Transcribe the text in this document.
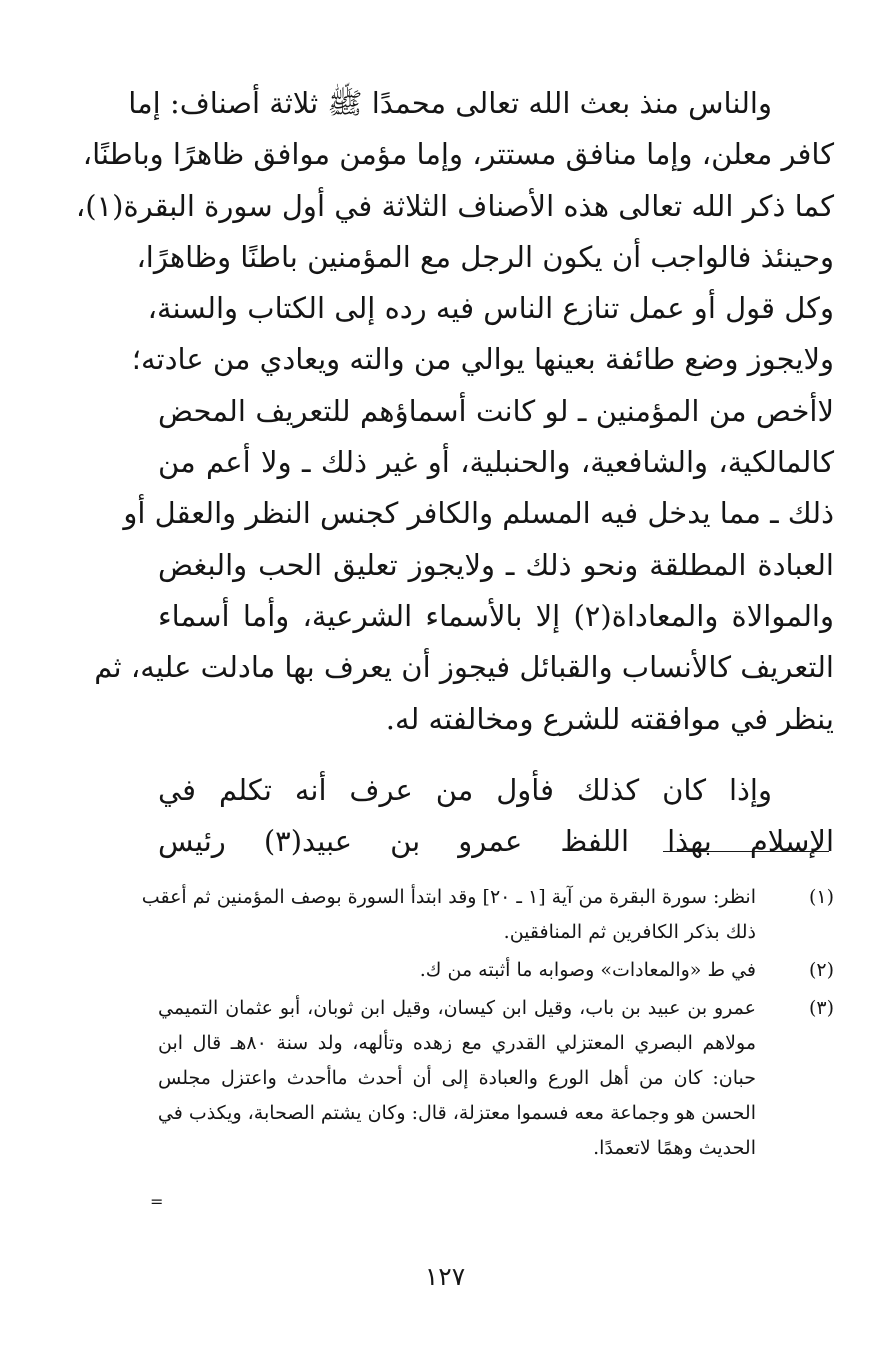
والناس منذ بعث الله تعالى محمدًا ﷺ ثلاثة أصناف: إما
كافر معلن، وإما منافق مستتر، وإما مؤمن موافق ظاهرًا وباطنًا،
كما ذكر الله تعالى هذه الأصناف الثلاثة في أول سورة البقرة(١)،
وحينئذ فالواجب أن يكون الرجل مع المؤمنين باطنًا وظاهرًا،
وكل قول أو عمل تنازع الناس فيه رده إلى الكتاب والسنة،
ولايجوز وضع طائفة بعينها يوالي من والته ويعادي من عادته؛
لاأخص من المؤمنين ـ لو كانت أسماؤهم للتعريف المحض
كالمالكية، والشافعية، والحنبلية، أو غير ذلك ـ ولا أعم من
ذلك ـ مما يدخل فيه المسلم والكافر كجنس النظر والعقل أو
العبادة المطلقة ونحو ذلك ـ ولايجوز تعليق الحب والبغض
والموالاة والمعاداة(٢) إلا بالأسماء الشرعية، وأما أسماء
التعريف كالأنساب والقبائل فيجوز أن يعرف بها مادلت عليه، ثم
ينظر في موافقته للشرع ومخالفته له.
وإذا كان كذلك فأول من عرف أنه تكلم في
الإسلام بهذا اللفظ عمرو بن عبيد(٣) رئيس
(١)
انظر: سورة البقرة من آية [١ ـ ٢٠] وقد ابتدأ السورة بوصف المؤمنين ثم أعقب
ذلك بذكر الكافرين ثم المنافقين.
(٢)
في ط «والمعادات» وصوابه ما أثبته من ك.
(٣)
عمرو بن عبيد بن باب، وقيل ابن كيسان، وقيل ابن ثوبان، أبو عثمان التميمي
مولاهم البصري المعتزلي القدري مع زهده وتألهه، ولد سنة ٨٠هـ قال ابن
حبان: كان من أهل الورع والعبادة إلى أن أحدث ماأحدث واعتزل مجلس
الحسن هو وجماعة معه فسموا معتزلة، قال: وكان يشتم الصحابة، ويكذب في
الحديث وهمًا لاتعمدًا.
=
١٢٧
